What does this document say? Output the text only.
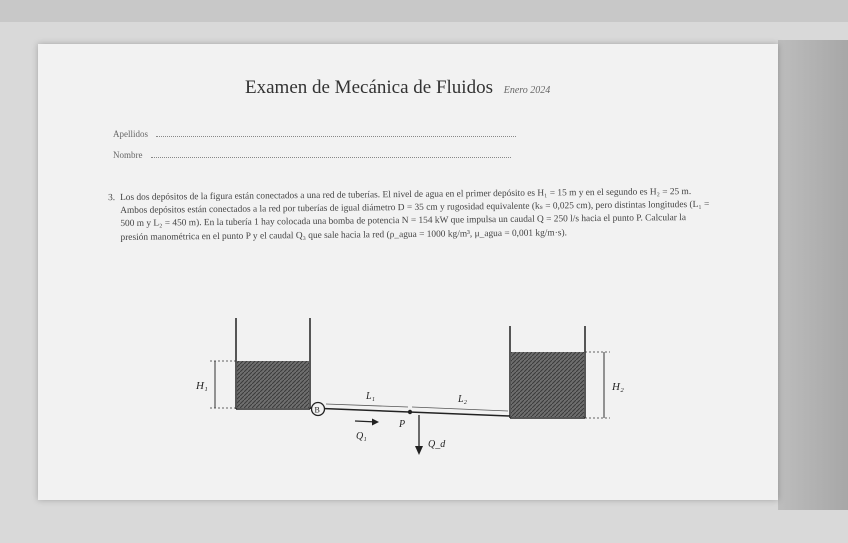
Examen de Mecánica de Fluidos Enero 2024
Apellidos
Nombre
3. Los dos depósitos de la figura están conectados a una red de tuberías. El nivel de agua en el primer depósito es H₁ = 15 m y en el segundo es H₂ = 25 m. Ambos depósitos están conectados a la red por tuberías de igual diámetro D = 35 cm y rugosidad equivalente (kₛ = 0,025 cm), pero distintas longitudes (L₁ = 500 m y L₂ = 450 m). En la tubería 1 hay colocada una bomba de potencia N = 154 kW que impulsa un caudal Q = 250 l/s hacia el punto P. Calcular la presión manométrica en el punto P y el caudal Q₃ que sale hacia la red (ρ_agua = 1000 kg/m³, μ_agua = 0,001 kg/m·s).
H₁	H₂
B
L₁	L₂
P
Q₁
Q_d
